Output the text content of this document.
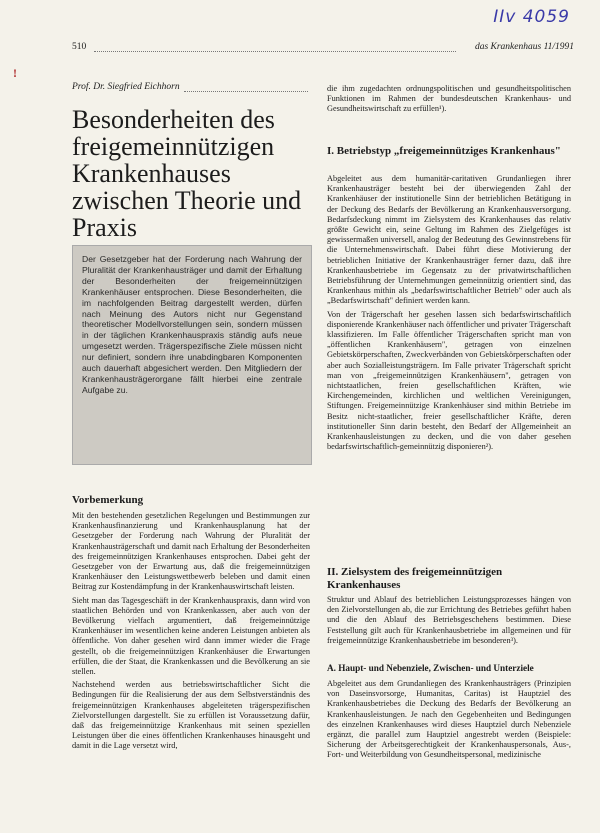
IIv 4059
510	das Krankenhaus 11/1991
!
Prof. Dr. Siegfried Eichhorn
Besonderheiten des freigemeinnützigen Krankenhauses zwischen Theorie und Praxis

Der Gesetzgeber hat der Forderung nach Wahrung der Pluralität der Krankenhausträger und damit der Erhaltung der Besonderheiten der freigemeinnützigen Krankenhäuser entsprochen. Diese Besonderheiten, die im nachfolgenden Beitrag dargestellt werden, dürfen nach Meinung des Autors nicht nur Gegenstand theoretischer Modellvorstellungen sein, sondern müssen in der täglichen Krankenhauspraxis ständig aufs neue umgesetzt werden. Trägerspezifische Ziele müssen nicht nur definiert, sondern ihre unabdingbaren Komponenten auch dauerhaft abgesichert werden. Den Mitgliedern der Krankenhausträgerorgane fällt hierbei eine zentrale Aufgabe zu.

Vorbemerkung

Mit den bestehenden gesetzlichen Regelungen und Bestimmungen zur Krankenhausfinanzierung und Krankenhausplanung hat der Gesetzgeber der Forderung nach Wahrung der Pluralität der Krankenhausträgerschaft und damit nach Erhaltung der Besonderheiten des freigemeinnützigen Krankenhauses entsprochen. Dabei geht der Gesetzgeber von der Erwartung aus, daß die freigemeinnützigen Krankenhäuser den Leistungswettbewerb beleben und damit einen Beitrag zur Kostendämpfung in der Krankenhauswirtschaft leisten.

Sieht man das Tagesgeschäft in der Krankenhauspraxis, dann wird von staatlichen Behörden und von Krankenkassen, aber auch von der Bevölkerung vielfach argumentiert, daß freigemeinnützige Krankenhäuser im wesentlichen keine anderen Leistungen anbieten als öffentliche. Von daher gesehen wird dann immer wieder die Frage gestellt, ob die freigemeinnützigen Krankenhäuser die Erwartungen erfüllen, die der Staat, die Krankenkassen und die Bevölkerung an sie stellen.

Nachstehend werden aus betriebswirtschaftlicher Sicht die Bedingungen für die Realisierung der aus dem Selbstverständnis des freigemeinnützigen Krankenhauses abgeleiteten trägerspezifischen Zielvorstellungen dargestellt. Sie zu erfüllen ist Voraussetzung dafür, daß das freigemeinnützige Krankenhaus mit seinen speziellen Leistungen über die eines öffentlichen Krankenhauses hinausgeht und damit in die Lage versetzt wird,

die ihm zugedachten ordnungspolitischen und gesundheitspolitischen Funktionen im Rahmen der bundesdeutschen Krankenhaus- und Gesundheitswirtschaft zu erfüllen¹).

I. Betriebstyp „freigemeinnütziges Krankenhaus"

Abgeleitet aus dem humanitär-caritativen Grundanliegen ihrer Krankenhausträger besteht bei der überwiegenden Zahl der Krankenhäuser der institutionelle Sinn der betrieblichen Betätigung in der Deckung des Bedarfs der Bevölkerung an Krankenhausversorgung. Bedarfsdeckung nimmt im Zielsystem des Krankenhauses das relativ größte Gewicht ein, seine Geltung im Rahmen des Zielgefüges ist gewissermaßen universell, analog der Bedeutung des Gewinnstrebens für die Unternehmenswirtschaft. Dabei führt diese Motivierung der betrieblichen Initiative der Krankenhausträger ferner dazu, daß ihre Krankenhausbetriebe im Gegensatz zu der privatwirtschaftlichen Betriebsführung der Unternehmungen gemeinnützig orientiert sind, das Krankenhaus mithin als „bedarfswirtschaftlicher Betrieb" oder auch als „Bedarfswirtschaft" definiert werden kann.

Von der Trägerschaft her gesehen lassen sich bedarfswirtschaftlich disponierende Krankenhäuser nach öffentlicher und privater Trägerschaft klassifizieren. Im Falle öffentlicher Trägerschaften spricht man von „öffentlichen Krankenhäusern", getragen von einzelnen Gebietskörperschaften, Zweckverbänden von Gebietskörperschaften oder aber auch Sozialleistungsträgern. Im Falle privater Trägerschaft spricht man von „freigemeinnützigen Krankenhäusern", getragen von nichtstaatlichen, freien gesellschaftlichen Kräften, wie Kirchengemeinden, kirchlichen und weltlichen Vereinigungen, Stiftungen. Freigemeinnützige Krankenhäuser sind mithin Betriebe im Besitz nicht-staatlicher, freier gesellschaftlicher Kräfte, deren institutioneller Sinn darin besteht, den Bedarf der Allgemeinheit an Krankenhausleistungen zu decken, und die von daher gesehen bedarfswirtschaftlich-gemeinnützig disponieren²).

II. Zielsystem des freigemeinnützigen Krankenhauses

Struktur und Ablauf des betrieblichen Leistungsprozesses hängen von den Zielvorstellungen ab, die zur Errichtung des Betriebes geführt haben und die den Ablauf des Betriebsgeschehens bestimmen. Diese Feststellung gilt auch für Krankenhausbetriebe im allgemeinen und für freigemeinnützige Krankenhausbetriebe im besonderen³).

A. Haupt- und Nebenziele, Zwischen- und Unterziele

Abgeleitet aus dem Grundanliegen des Krankenhausträgers (Prinzipien von Daseinsvorsorge, Humanitas, Caritas) ist Hauptziel des Krankenhausbetriebes die Deckung des Bedarfs der Bevölkerung an Krankenhausleistungen. Je nach den Gegebenheiten und Bedingungen des einzelnen Krankenhauses wird dieses Hauptziel durch Nebenziele ergänzt, die parallel zum Hauptziel angestrebt werden (Beispiele: Sicherung der Arbeitsgerechtigkeit der Krankenhauspersonals, Aus-, Fort- und Weiterbildung von Gesundheitspersonal, medizinische
